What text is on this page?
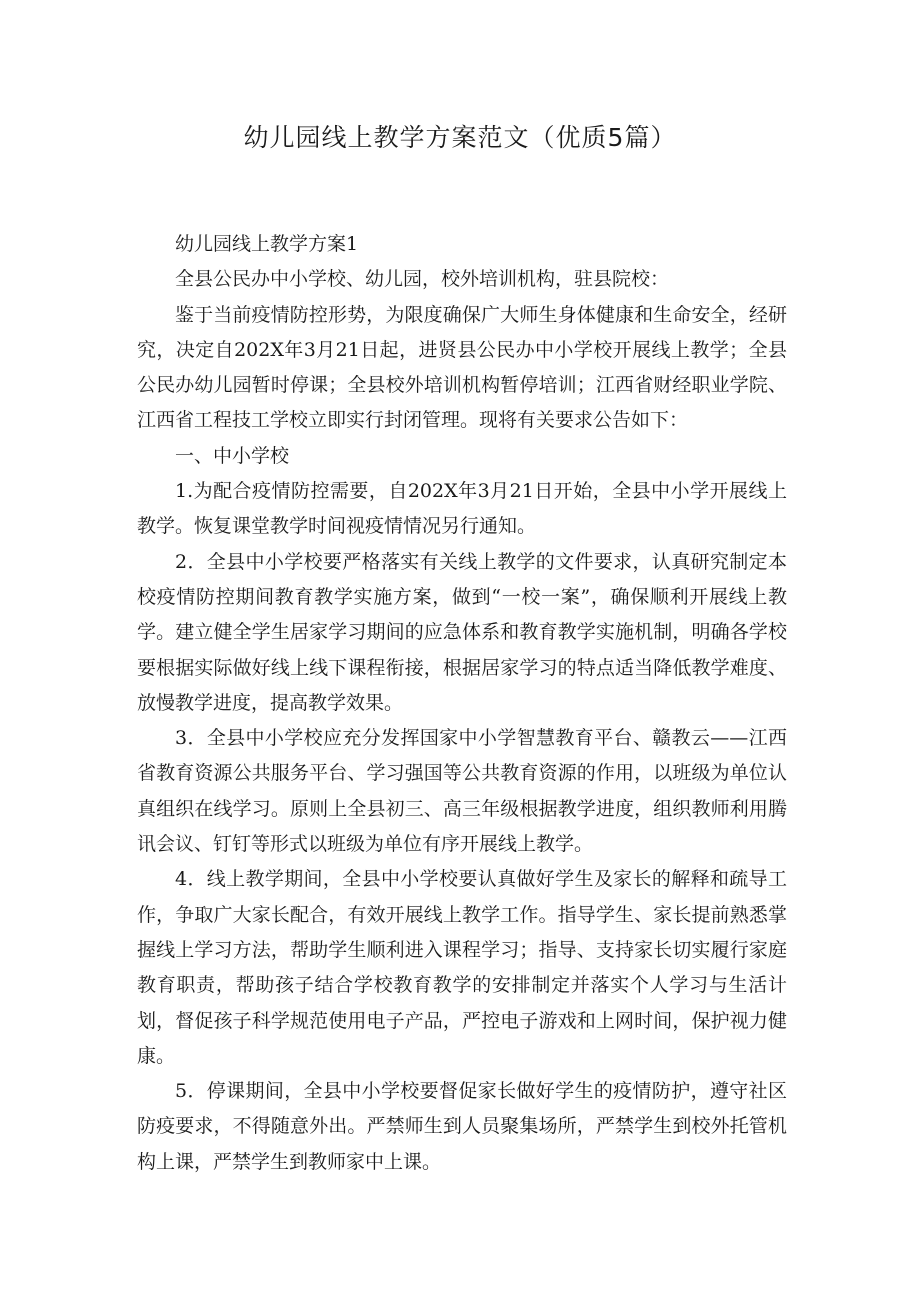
幼儿园线上教学方案范文（优质5篇）

幼儿园线上教学方案1

全县公民办中小学校、幼儿园，校外培训机构，驻县院校：

鉴于当前疫情防控形势，为限度确保广大师生身体健康和生命安全，经研究，决定自202X年3月21日起，进贤县公民办中小学校开展线上教学；全县公民办幼儿园暂时停课；全县校外培训机构暂停培训；江西省财经职业学院、江西省工程技工学校立即实行封闭管理。现将有关要求公告如下：

一、中小学校

1.为配合疫情防控需要，自202X年3月21日开始，全县中小学开展线上教学。恢复课堂教学时间视疫情情况另行通知。

2．全县中小学校要严格落实有关线上教学的文件要求，认真研究制定本校疫情防控期间教育教学实施方案，做到“一校一案”，确保顺利开展线上教学。建立健全学生居家学习期间的应急体系和教育教学实施机制，明确各学校要根据实际做好线上线下课程衔接，根据居家学习的特点适当降低教学难度、放慢教学进度，提高教学效果。

3．全县中小学校应充分发挥国家中小学智慧教育平台、赣教云——江西省教育资源公共服务平台、学习强国等公共教育资源的作用，以班级为单位认真组织在线学习。原则上全县初三、高三年级根据教学进度，组织教师利用腾讯会议、钉钉等形式以班级为单位有序开展线上教学。

4．线上教学期间，全县中小学校要认真做好学生及家长的解释和疏导工作，争取广大家长配合，有效开展线上教学工作。指导学生、家长提前熟悉掌握线上学习方法，帮助学生顺利进入课程学习；指导、支持家长切实履行家庭教育职责，帮助孩子结合学校教育教学的安排制定并落实个人学习与生活计划，督促孩子科学规范使用电子产品，严控电子游戏和上网时间，保护视力健康。

5．停课期间，全县中小学校要督促家长做好学生的疫情防护，遵守社区防疫要求，不得随意外出。严禁师生到人员聚集场所，严禁学生到校外托管机构上课，严禁学生到教师家中上课。
